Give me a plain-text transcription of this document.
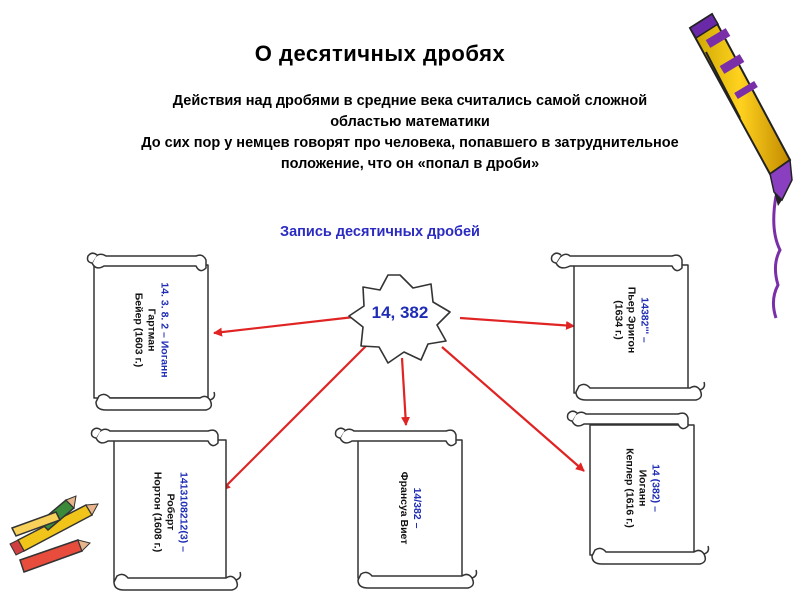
О десятичных дробях
Действия над дробями в средние века считались самой сложной
областью математики
До сих пор у немцев говорят про человека, попавшего в затруднительное
положение, что он «попал в дроби»
Запись десятичных дробей
14, 382
14. 3. 8. 2 – Иоганн
Гартман
Бейер (1603 г.)	14382''' –
Пьер Эригон
(1634 г.)
1413108212(3) –
Роберт
Нортон (1608 г.)	14/382 –
Франсуа Виет	14 (382) –
Иоганн
Кеплер (1616 г.)
